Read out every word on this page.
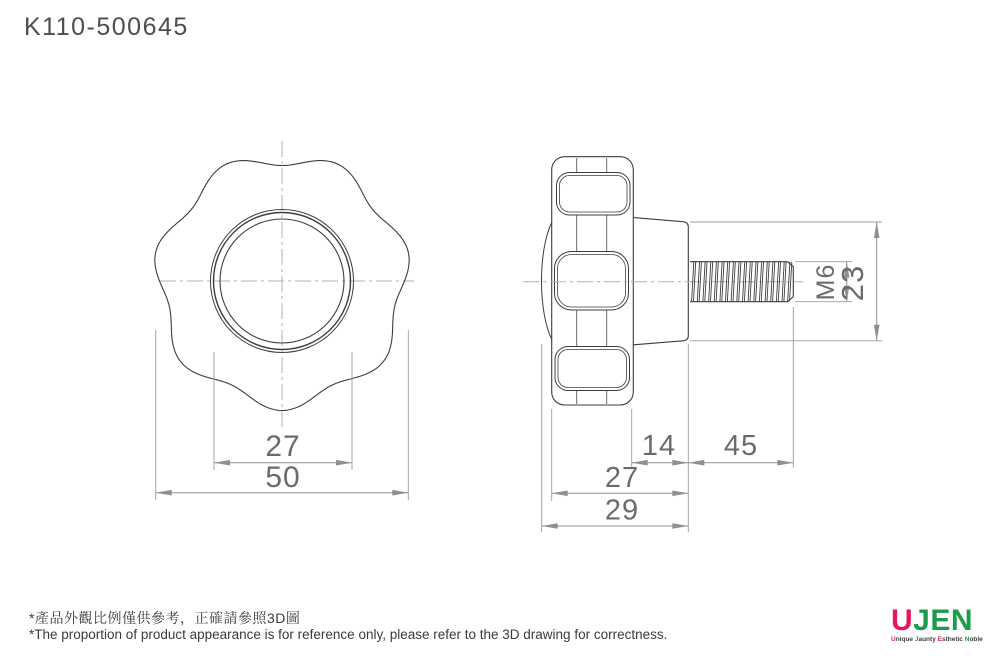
K110-500645
27
50
14 45
27
29
M6
23
*產品外觀比例僅供參考，正確請參照3D圖
*The proportion of product appearance is for reference only, please refer to the 3D drawing for correctness.	UJEN
Unique Jaunty Esthetic Noble
